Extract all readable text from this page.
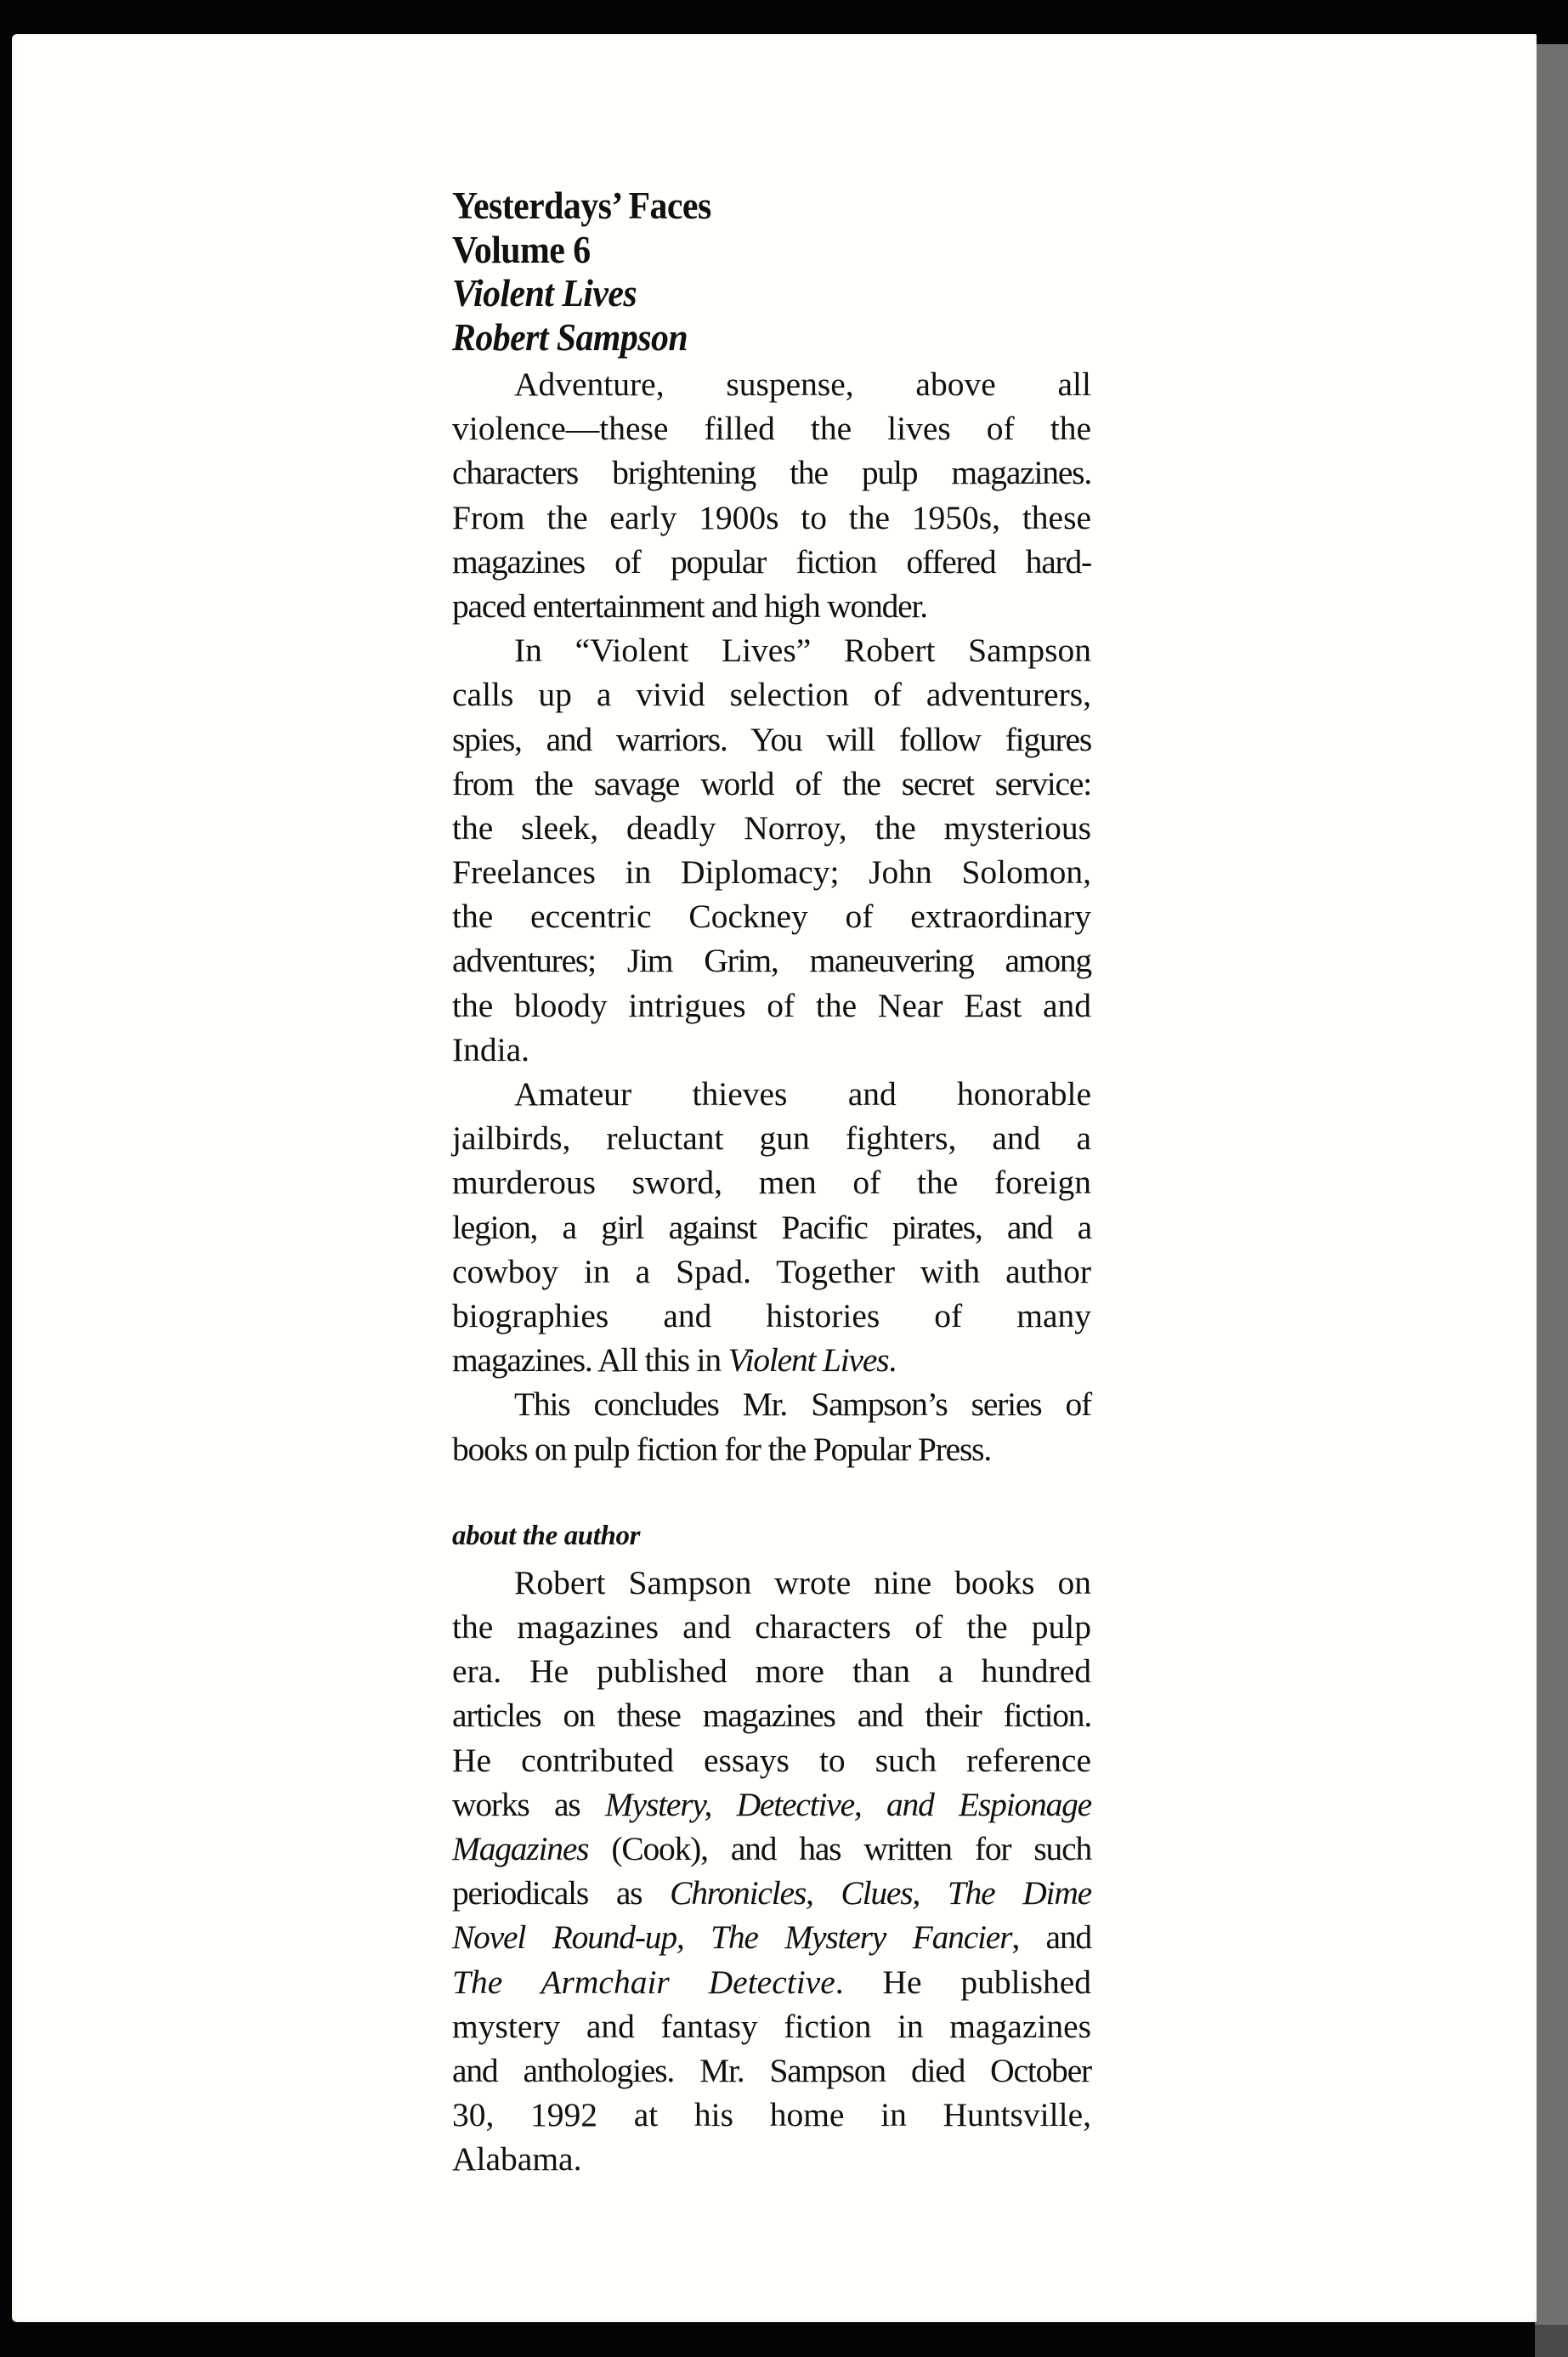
Yesterdays’ Faces
Volume 6
Violent Lives
Robert Sampson
Adventure, suspense, above all
violence—these filled the lives of the
characters brightening the pulp magazines.
From the early 1900s to the 1950s, these
magazines of popular fiction offered hard-
paced entertainment and high wonder.
In “Violent Lives” Robert Sampson
calls up a vivid selection of adventurers,
spies, and warriors. You will follow figures
from the savage world of the secret service:
the sleek, deadly Norroy, the mysterious
Freelances in Diplomacy; John Solomon,
the eccentric Cockney of extraordinary
adventures; Jim Grim, maneuvering among
the bloody intrigues of the Near East and
India.
Amateur thieves and honorable
jailbirds, reluctant gun fighters, and a
murderous sword, men of the foreign
legion, a girl against Pacific pirates, and a
cowboy in a Spad. Together with author
biographies and histories of many
magazines. All this in Violent Lives.
This concludes Mr. Sampson’s series of
books on pulp fiction for the Popular Press.
about the author
Robert Sampson wrote nine books on
the magazines and characters of the pulp
era. He published more than a hundred
articles on these magazines and their fiction.
He contributed essays to such reference
works as Mystery, Detective, and Espionage
Magazines (Cook), and has written for such
periodicals as Chronicles, Clues, The Dime
Novel Round-up, The Mystery Fancier, and
The Armchair Detective. He published
mystery and fantasy fiction in magazines
and anthologies. Mr. Sampson died October
30, 1992 at his home in Huntsville,
Alabama.
